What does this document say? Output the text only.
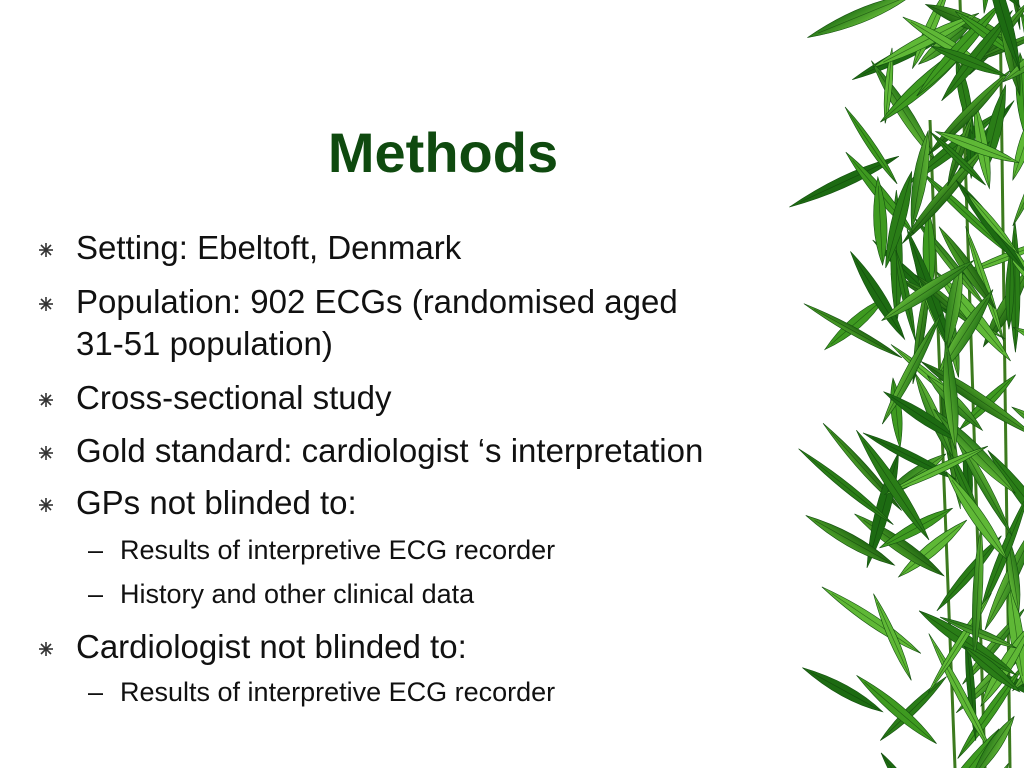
Methods
Setting: Ebeltoft, Denmark
Population: 902 ECGs (randomised aged
31-51 population)
Cross-sectional study
Gold standard: cardiologist ‘s interpretation
GPs not blinded to:
– Results of interpretive ECG recorder
– History and other clinical data
Cardiologist not blinded to:
– Results of interpretive ECG recorder
